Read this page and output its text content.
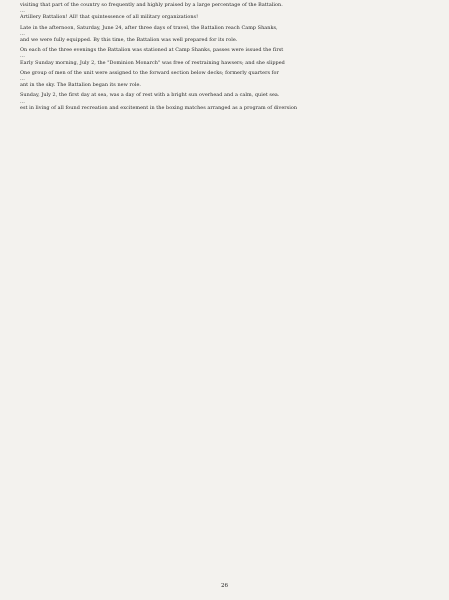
visiting that part of the country so frequently and highly praised by a large percentage of the Battalion.
…
Artillery Battalion! All! that quintessence of all military organizations!
Late in the afternoon, Saturday, June 24, after three days of travel, the Battalion reach Camp Shanks,
…
and we were fully equipped. By this time, the Battalion was well prepared for its role.
On each of the three evenings the Battalion was stationed at Camp Shanks, passes were issued the first
…
Early Sunday morning, July 2, the "Dominion Monarch" was free of restraining hawsers; and she slipped
One group of men of the unit were assigned to the forward section below decks; formerly quarters for
…
ant in the sky. The Battalion began its new role.
Sunday, July 2, the first day at sea, was a day of rest with a bright sun overhead and a calm, quiet sea.
…
est in living of all found recreation and excitement in the boxing matches arranged as a program of diversion
26
